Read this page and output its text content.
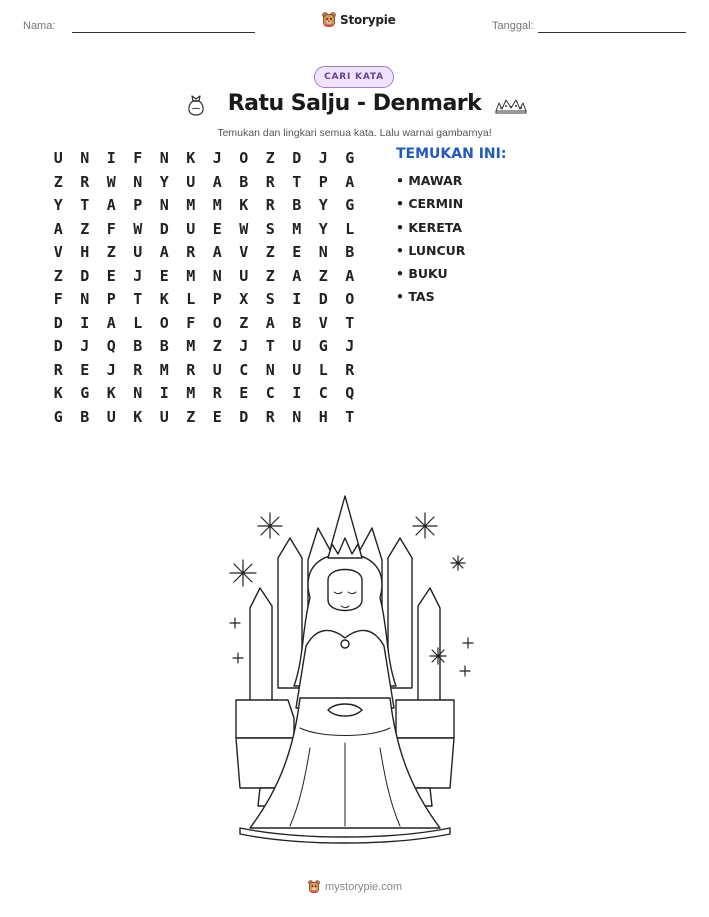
Nama:	Storypie	Tanggal:
CARI KATA
Ratu Salju - Denmark
Temukan dan lingkari semua kata. Lalu warnai gambarnya!
U	N	I	F	N	K	J	O	Z	D	J	G
Z	R	W	N	Y	U	A	B	R	T	P	A
Y	T	A	P	N	M	M	K	R	B	Y	G
A	Z	F	W	D	U	E	W	S	M	Y	L
V	H	Z	U	A	R	A	V	Z	E	N	B
Z	D	E	J	E	M	N	U	Z	A	Z	A
F	N	P	T	K	L	P	X	S	I	D	O
D	I	A	L	O	F	O	Z	A	B	V	T
D	J	Q	B	B	M	Z	J	T	U	G	J
R	E	J	R	M	R	U	C	N	U	L	R
K	G	K	N	I	M	R	E	C	I	C	Q
G	B	U	K	U	Z	E	D	R	N	H	T
TEMUKAN INI:
• MAWAR
• CERMIN
• KERETA
• LUNCUR
• BUKU
• TAS
mystorypie.com
